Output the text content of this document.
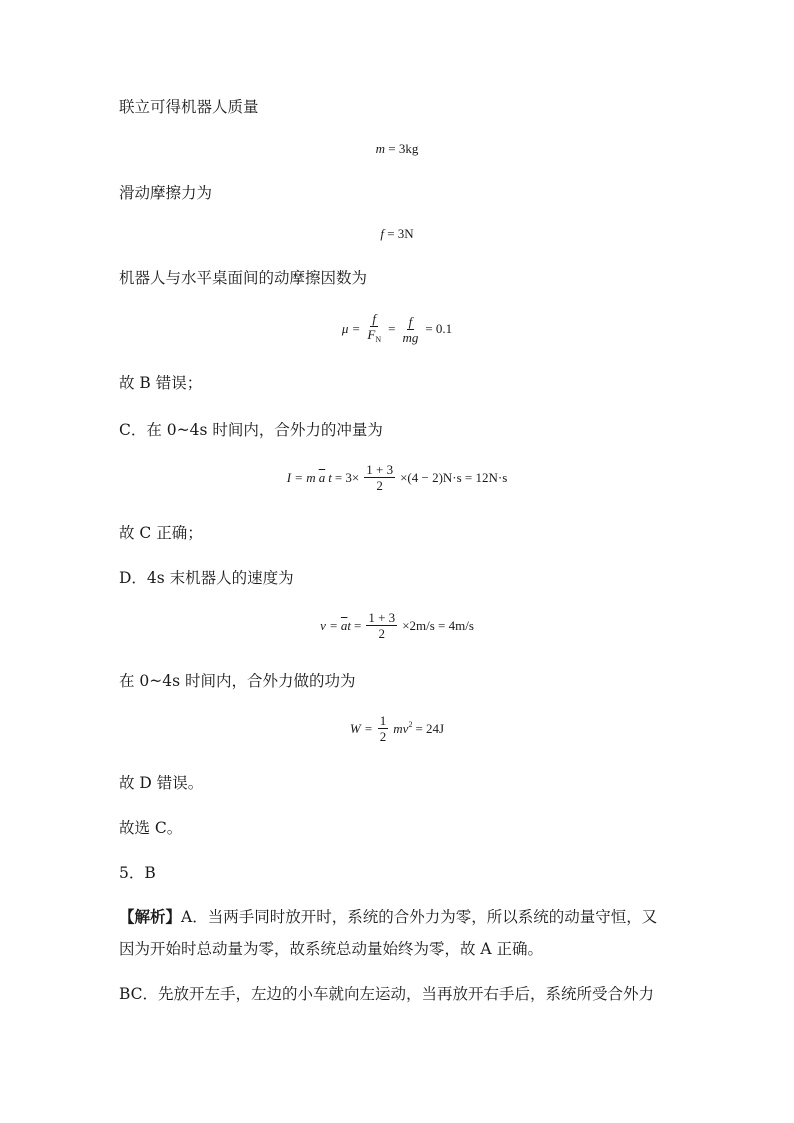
联立可得机器人质量
m = 3kg
滑动摩擦力为
f = 3N
机器人与水平桌面间的动摩擦因数为
$\mu = \frac{f}{F_N} = \frac{f}{mg} = 0.1$
故 B 错误；
C．在 0~4s 时间内，合外力的冲量为
I = m $\overline{a}$ $t = 3\times \frac{1 + 3}{2} \times(4 - 2)N\cdot s = 12N\cdot s$
故 C 正确；
D．4s 末机器人的速度为
$v = \overline{a}t = \frac{1 + 3}{2} \times 2m/s = 4m/s$
在 0~4s 时间内，合外力做的功为
$W = \frac{1}{2} mv^2 = 24J$
故 D 错误。
故选 C。
5．B
【解析】A．当两手同时放开时，系统的合外力为零，所以系统的动量守恒，又
因为开始时总动量为零，故系统总动量始终为零，故 A 正确。
BC．先放开左手，左边的小车就向左运动，当再放开右手后，系统所受合外力
